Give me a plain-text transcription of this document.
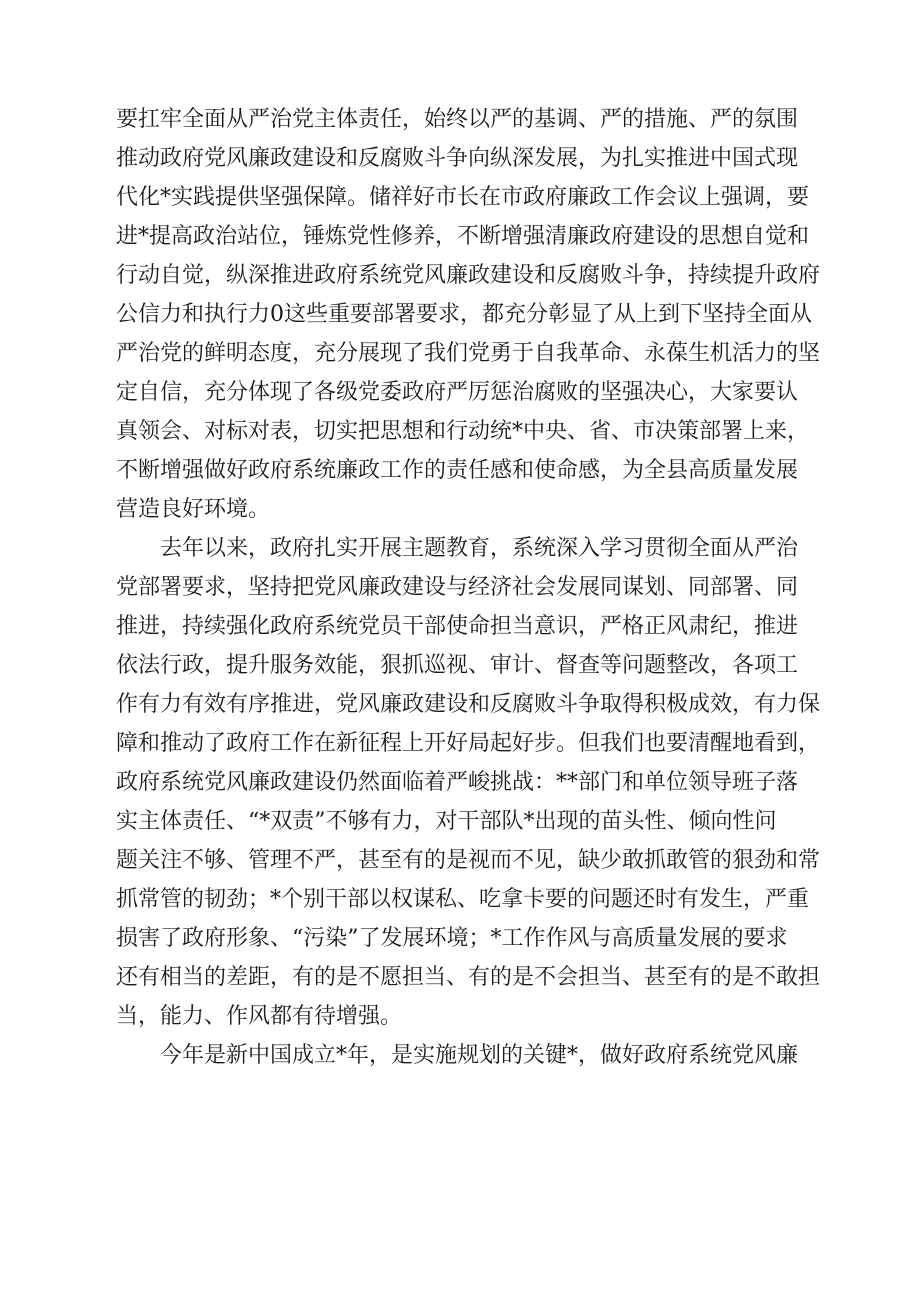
要扛牢全面从严治党主体责任，始终以严的基调、严的措施、严的氛围
推动政府党风廉政建设和反腐败斗争向纵深发展，为扎实推进中国式现
代化*实践提供坚强保障。储祥好市长在市政府廉政工作会议上强调，要
进*提高政治站位，锤炼党性修养，不断增强清廉政府建设的思想自觉和
行动自觉，纵深推进政府系统党风廉政建设和反腐败斗争，持续提升政府
公信力和执行力0这些重要部署要求，都充分彰显了从上到下坚持全面从
严治党的鲜明态度，充分展现了我们党勇于自我革命、永葆生机活力的坚
定自信，充分体现了各级党委政府严厉惩治腐败的坚强决心，大家要认
真领会、对标对表，切实把思想和行动统*中央、省、市决策部署上来，
不断增强做好政府系统廉政工作的责任感和使命感，为全县高质量发展
营造良好环境。
去年以来，政府扎实开展主题教育，系统深入学习贯彻全面从严治
党部署要求，坚持把党风廉政建设与经济社会发展同谋划、同部署、同
推进，持续强化政府系统党员干部使命担当意识，严格正风肃纪，推进
依法行政，提升服务效能，狠抓巡视、审计、督查等问题整改，各项工
作有力有效有序推进，党风廉政建设和反腐败斗争取得积极成效，有力保
障和推动了政府工作在新征程上开好局起好步。但我们也要清醒地看到，
政府系统党风廉政建设仍然面临着严峻挑战：**部门和单位领导班子落
实主体责任、“*双责”不够有力，对干部队*出现的苗头性、倾向性问
题关注不够、管理不严，甚至有的是视而不见，缺少敢抓敢管的狠劲和常
抓常管的韧劲；*个别干部以权谋私、吃拿卡要的问题还时有发生，严重
损害了政府形象、“污染”了发展环境；*工作作风与高质量发展的要求
还有相当的差距，有的是不愿担当、有的是不会担当、甚至有的是不敢担
当，能力、作风都有待增强。
今年是新中国成立*年，是实施规划的关键*，做好政府系统党风廉
